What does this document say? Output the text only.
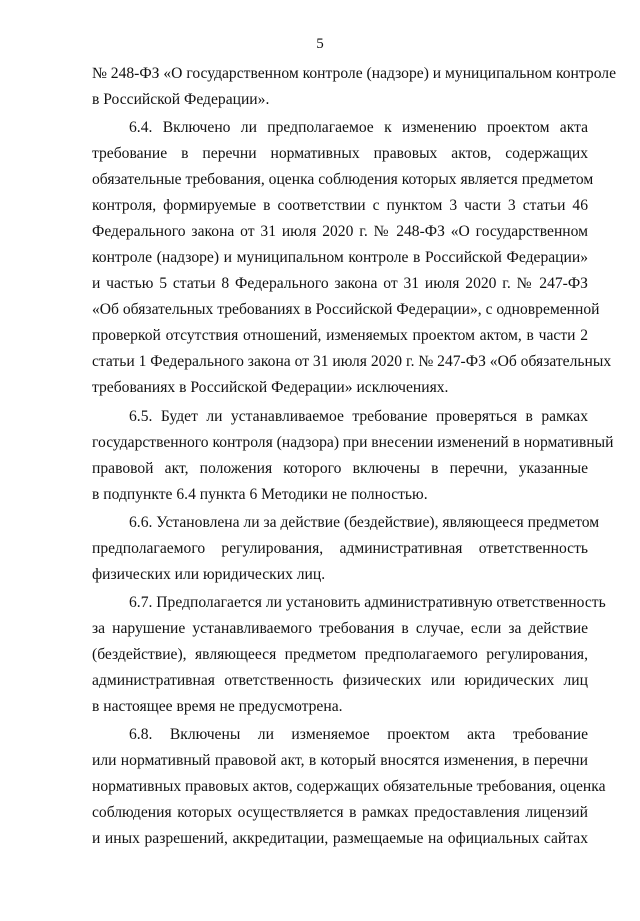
5
№ 248-ФЗ «О государственном контроле (надзоре) и муниципальном контроле
в Российской Федерации».
6.4. Включено ли предполагаемое к изменению проектом акта
требование в перечни нормативных правовых актов, содержащих
обязательные требования, оценка соблюдения которых является предметом
контроля, формируемые в соответствии с пунктом 3 части 3 статьи 46
Федерального закона от 31 июля 2020 г. № 248-ФЗ «О государственном
контроле (надзоре) и муниципальном контроле в Российской Федерации»
и частью 5 статьи 8 Федерального закона от 31 июля 2020 г. № 247-ФЗ
«Об обязательных требованиях в Российской Федерации», с одновременной
проверкой отсутствия отношений, изменяемых проектом актом, в части 2
статьи 1 Федерального закона от 31 июля 2020 г. № 247-ФЗ «Об обязательных
требованиях в Российской Федерации» исключениях.
6.5. Будет ли устанавливаемое требование проверяться в рамках
государственного контроля (надзора) при внесении изменений в нормативный
правовой акт, положения которого включены в перечни, указанные
в подпункте 6.4 пункта 6 Методики не полностью.
6.6. Установлена ли за действие (бездействие), являющееся предметом
предполагаемого регулирования, административная ответственность
физических или юридических лиц.
6.7. Предполагается ли установить административную ответственность
за нарушение устанавливаемого требования в случае, если за действие
(бездействие), являющееся предметом предполагаемого регулирования,
административная ответственность физических или юридических лиц
в настоящее время не предусмотрена.
6.8. Включены ли изменяемое проектом акта требование
или нормативный правовой акт, в который вносятся изменения, в перечни
нормативных правовых актов, содержащих обязательные требования, оценка
соблюдения которых осуществляется в рамках предоставления лицензий
и иных разрешений, аккредитации, размещаемые на официальных сайтах
